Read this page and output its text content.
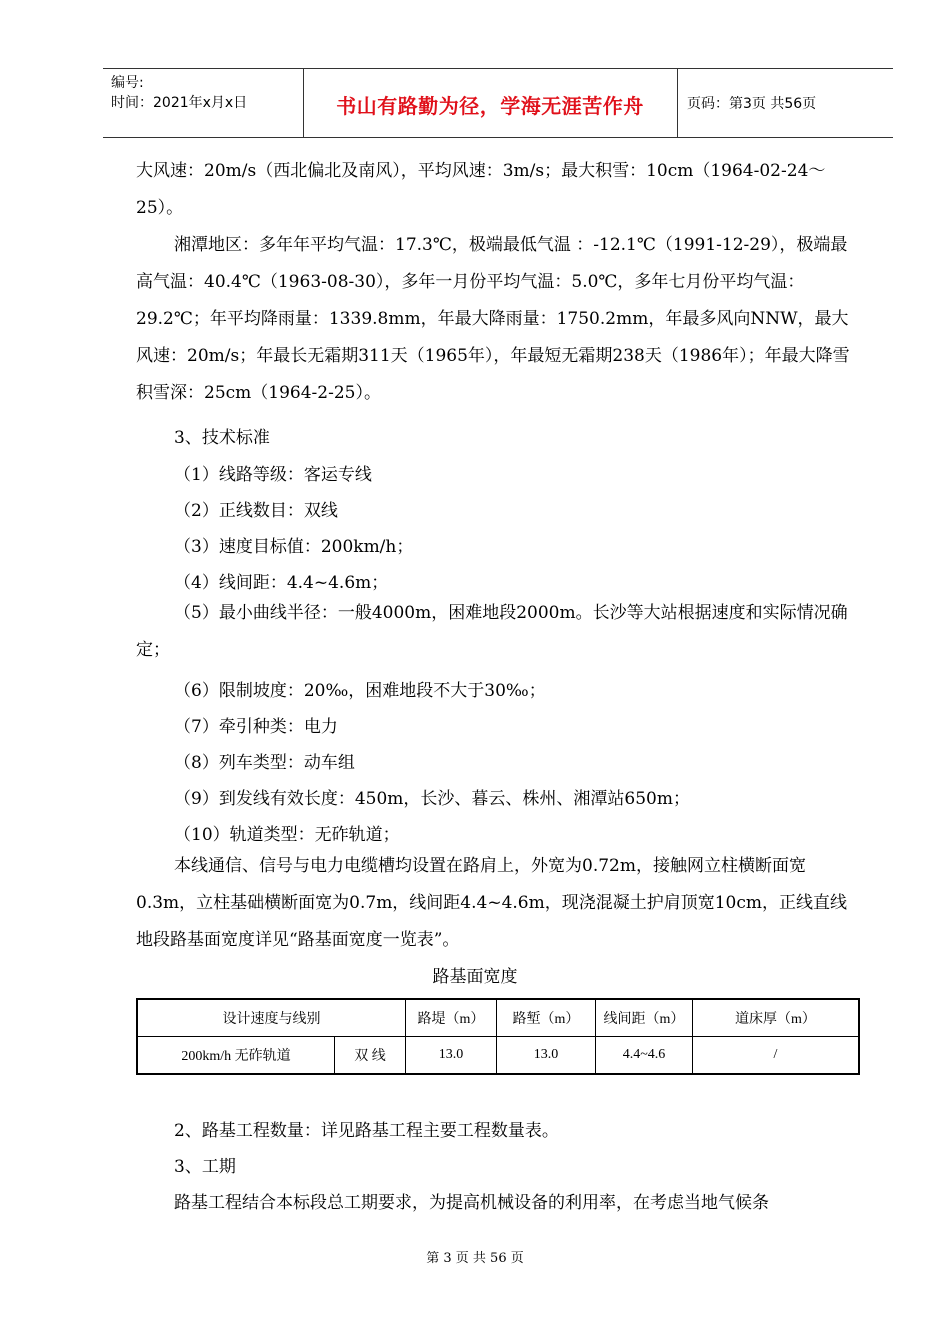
编号:
时间：2021年x月x日	书山有路勤为径，学海无涯苦作舟	页码：第3页 共56页

大风速：20m/s（西北偏北及南风），平均风速：3m/s；最大积雪：10cm（1964-02-24～25）。

湘潭地区：多年年平均气温：17.3℃，极端最低气温 ：-12.1℃（1991-12-29），极端最高气温：40.4℃（1963-08-30），多年一月份平均气温：5.0℃，多年七月份平均气温：29.2℃；年平均降雨量：1339.8mm，年最大降雨量：1750.2mm，年最多风向NNW，最大风速：20m/s；年最长无霜期311天（1965年），年最短无霜期238天（1986年）；年最大降雪积雪深：25cm（1964-2-25）。

3、技术标准
（1）线路等级：客运专线
（2）正线数目：双线
（3）速度目标值：200km/h；
（4）线间距：4.4~4.6m；

（5）最小曲线半径：一般4000m，困难地段2000m。长沙等大站根据速度和实际情况确定；

（6）限制坡度：20‰，困难地段不大于30‰；
（7）牵引种类：电力
（8）列车类型：动车组
（9）到发线有效长度：450m，长沙、暮云、株州、湘潭站650m；
（10）轨道类型：无砟轨道；

本线通信、信号与电力电缆槽均设置在路肩上，外宽为0.72m，接触网立柱横断面宽0.3m，立柱基础横断面宽为0.7m，线间距4.4~4.6m，现浇混凝土护肩顶宽10cm，正线直线地段路基面宽度详见“路基面宽度一览表”。

路基面宽度
设计速度与线别		路堤（m）	路堑（m）	线间距（m）	道床厚（m）
200km/h 无砟轨道	双 线	13.0	13.0	4.4~4.6	/
2、路基工程数量：详见路基工程主要工程数量表。
3、工期
路基工程结合本标段总工期要求，为提高机械设备的利用率，在考虑当地气候条
第 3 页 共 56 页
